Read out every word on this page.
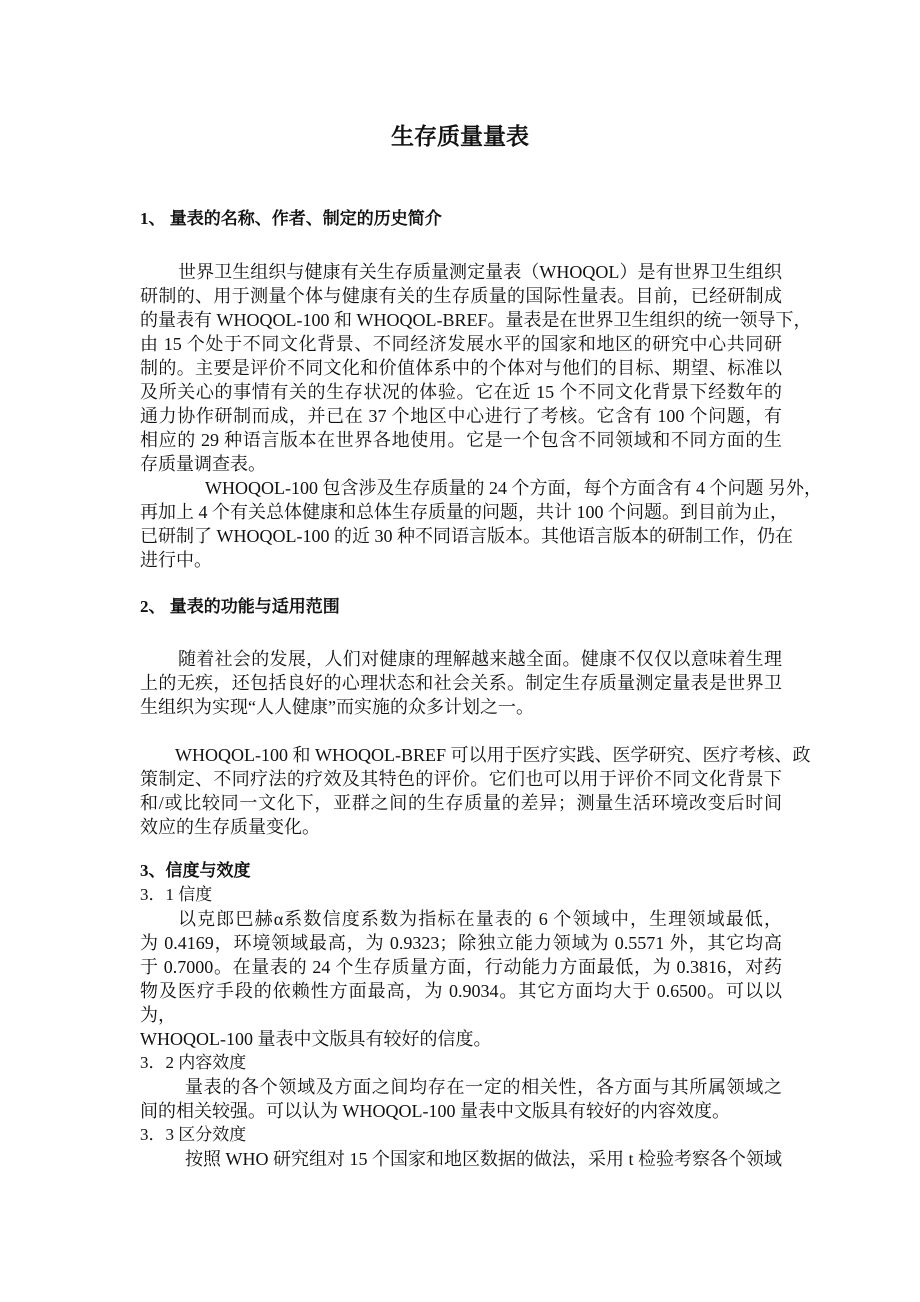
生存质量量表
1、 量表的名称、作者、制定的历史简介
世界卫生组织与健康有关生存质量测定量表（WHOQOL）是有世界卫生组织
研制的、用于测量个体与健康有关的生存质量的国际性量表。目前，已经研制成
的量表有 WHOQOL-100 和 WHOQOL-BREF。量表是在世界卫生组织的统一领导下，
由 15 个处于不同文化背景、不同经济发展水平的国家和地区的研究中心共同研
制的。主要是评价不同文化和价值体系中的个体对与他们的目标、期望、标准以
及所关心的事情有关的生存状况的体验。它在近 15 个不同文化背景下经数年的
通力协作研制而成，并已在 37 个地区中心进行了考核。它含有 100 个问题，有
相应的 29 种语言版本在世界各地使用。它是一个包含不同领域和不同方面的生
存质量调查表。
WHOQOL-100 包含涉及生存质量的 24 个方面，每个方面含有 4 个问题 另外，
再加上 4 个有关总体健康和总体生存质量的问题，共计 100 个问题。到目前为止，
已研制了 WHOQOL-100 的近 30 种不同语言版本。其他语言版本的研制工作，仍在
进行中。
2、 量表的功能与适用范围
随着社会的发展，人们对健康的理解越来越全面。健康不仅仅以意味着生理
上的无疾，还包括良好的心理状态和社会关系。制定生存质量测定量表是世界卫
生组织为实现“人人健康”而实施的众多计划之一。
WHOQOL-100 和 WHOQOL-BREF 可以用于医疗实践、医学研究、医疗考核、政
策制定、不同疗法的疗效及其特色的评价。它们也可以用于评价不同文化背景下
和/或比较同一文化下，亚群之间的生存质量的差异；测量生活环境改变后时间
效应的生存质量变化。
3、信度与效度
3．1 信度
以克郎巴赫α系数信度系数为指标在量表的 6 个领域中，生理领域最低，
为 0.4169，环境领域最高，为 0.9323；除独立能力领域为 0.5571 外，其它均高
于 0.7000。在量表的 24 个生存质量方面，行动能力方面最低，为 0.3816，对药
物及医疗手段的依赖性方面最高，为 0.9034。其它方面均大于 0.6500。可以以
为，
WHOQOL-100 量表中文版具有较好的信度。
3．2 内容效度
量表的各个领域及方面之间均存在一定的相关性，各方面与其所属领域之
间的相关较强。可以认为 WHOQOL-100 量表中文版具有较好的内容效度。
3．3 区分效度
按照 WHO 研究组对 15 个国家和地区数据的做法，采用 t 检验考察各个领域
